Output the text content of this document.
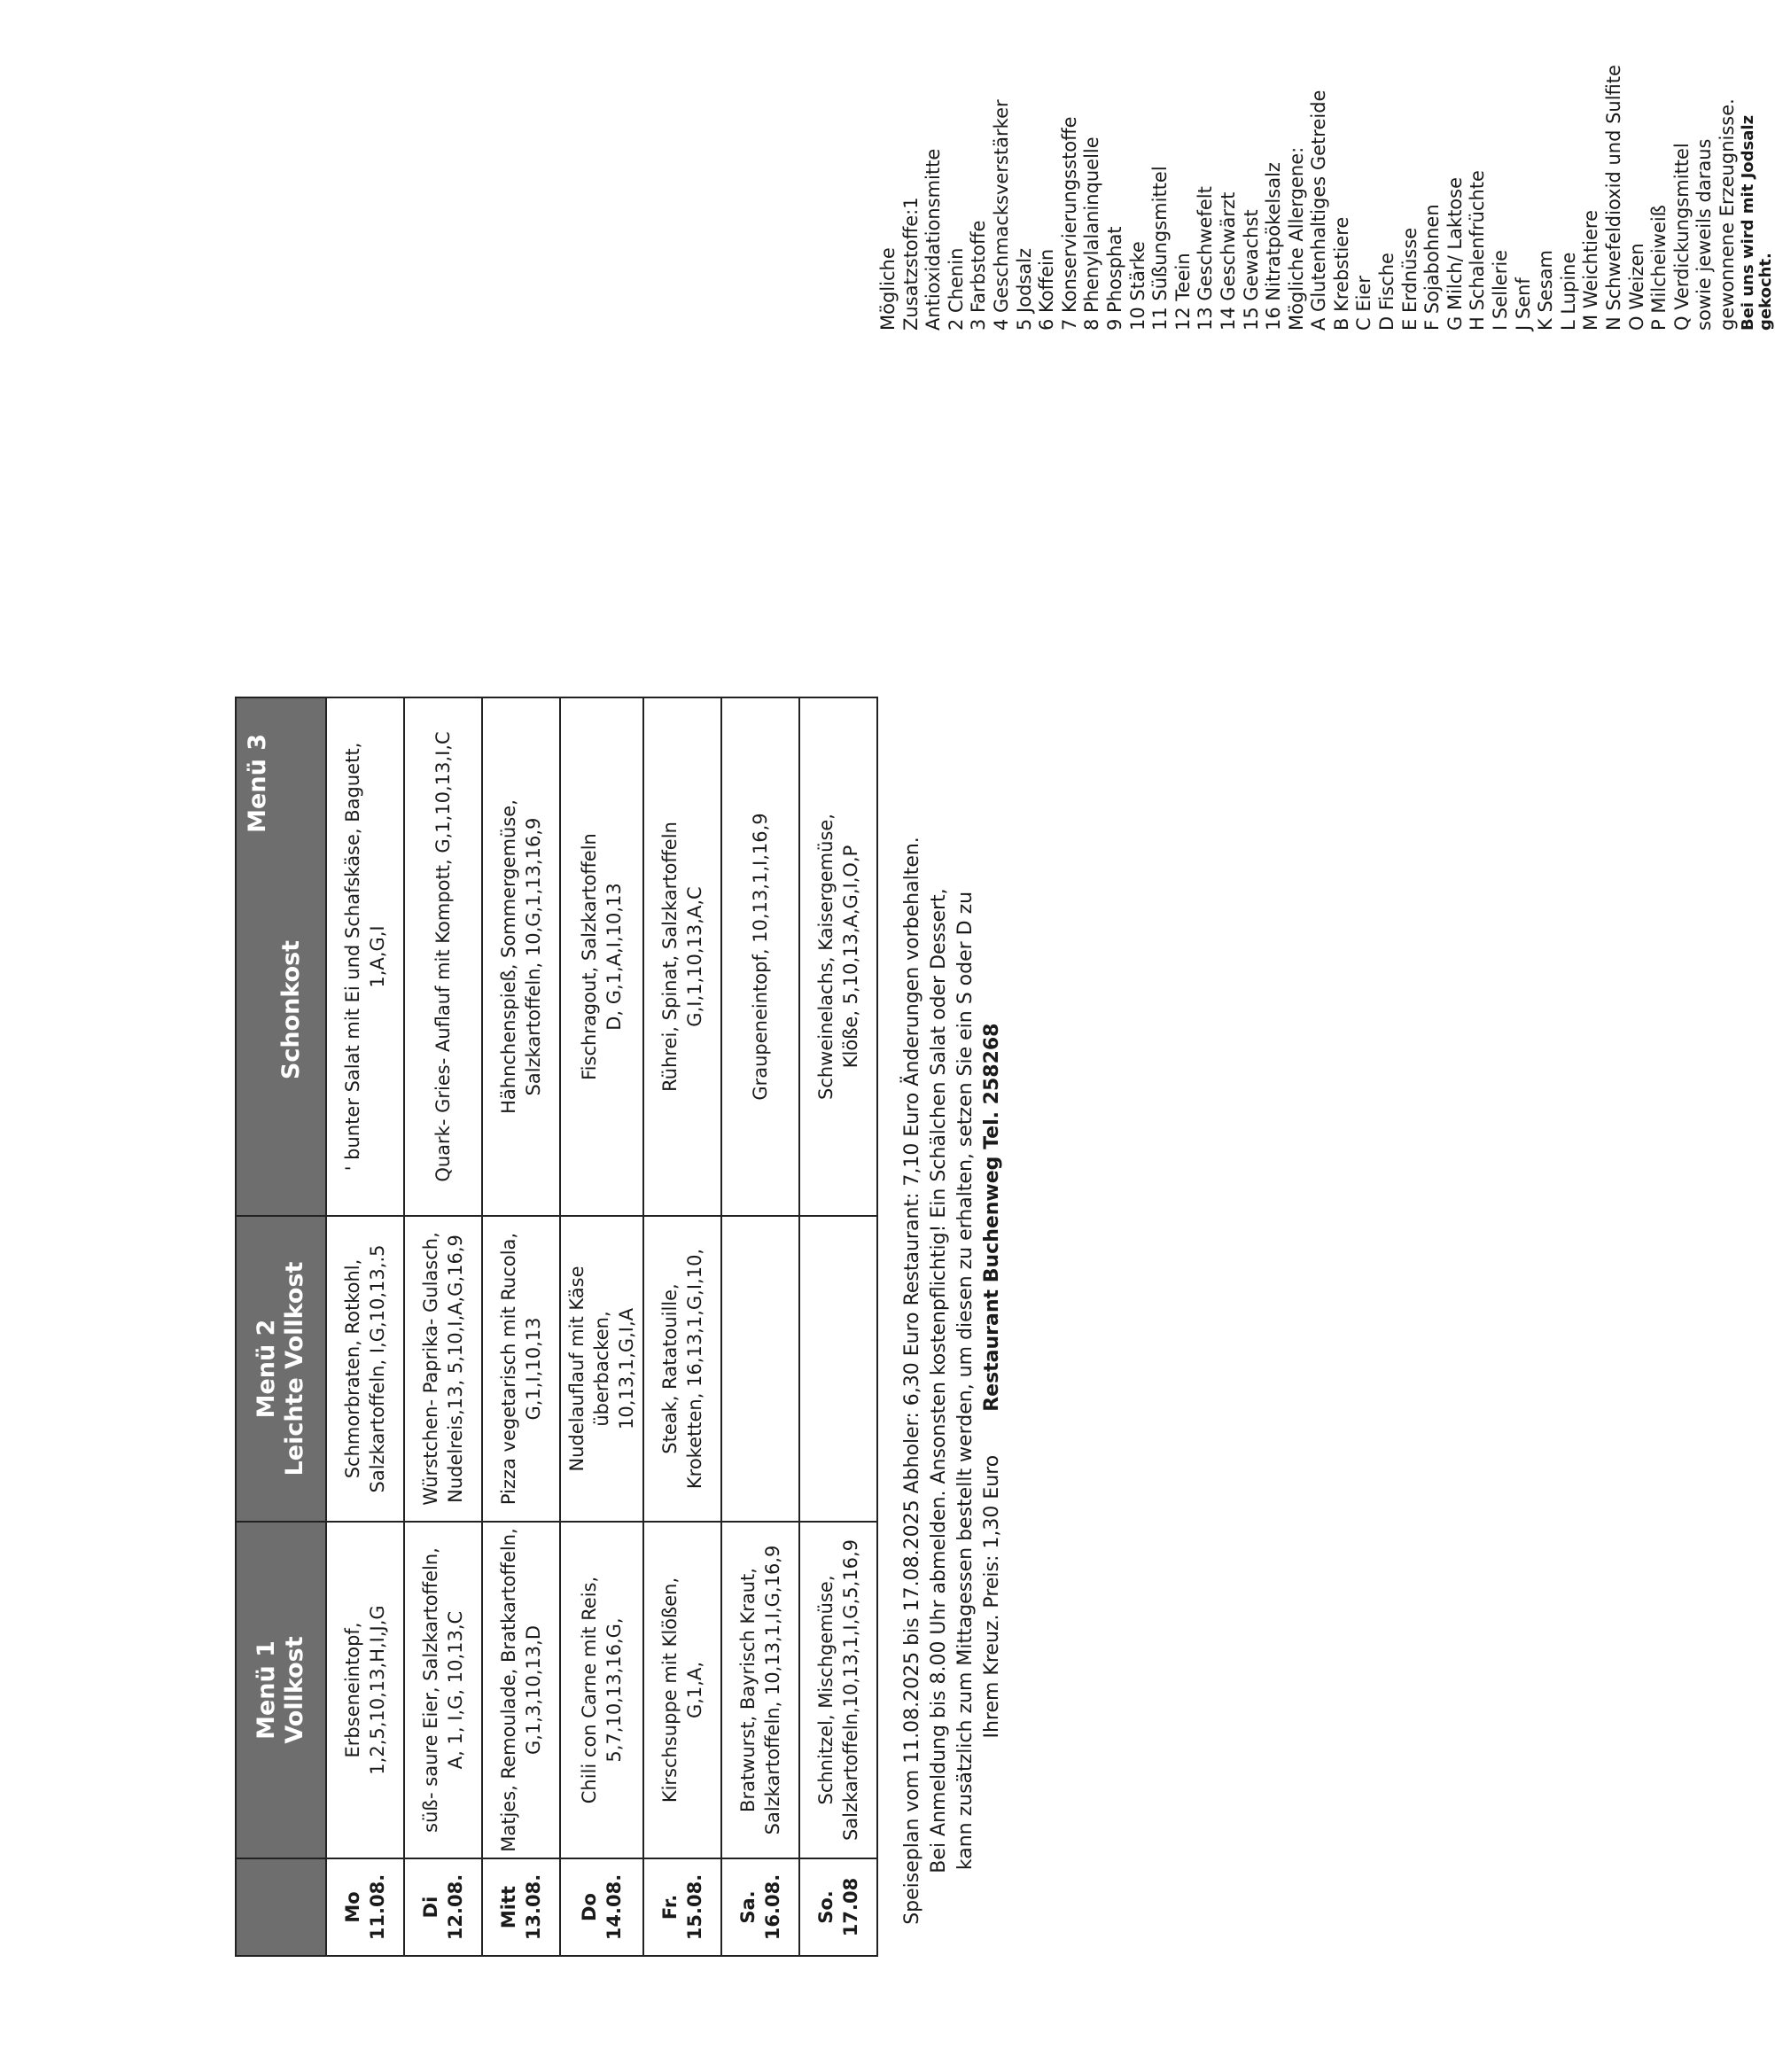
	Menü 1 Vollkost	Menü 2 Leichte Vollkost	Menü 3
Schonkost

Mo 11.08.	Erbseneintopf, 1,2,5,10,13,H,I,J,G	Schmorbraten, Rotkohl, Salzkartoffeln, I,G,10,13,.5	' bunter Salat mit Ei und Schafskäse, Baguett, 1,A,G,I

Di 12.08.	süß- saure Eier, Salzkartoffeln, A, 1, I,G, 10,13,C	Würstchen- Paprika- Gulasch, Nudelreis,13, 5,10,I,A,G,16,9	Quark- Gries- Auflauf mit Kompott, G,1,10,13,I,C

Mitt 13.08.	Matjes, Remoulade, Bratkartoffeln, G,1,3,10,13,D	Pizza vegetarisch mit Rucola, G,1,I,10,13	Hähnchenspieß, Sommergemüse, Salzkartoffeln, 10,G,1,13,16,9

Do 14.08.	Chili con Carne mit Reis, 5,7,10,13,16,G,	Nudelauflauf mit Käse überbacken, 10,13,1,G,I,A	Fischragout, Salzkartoffeln D, G,1,A,I,10,13

Fr. 15.08.	Kirschsuppe mit Klößen, G,1,A,	Steak, Ratatouille, Kroketten, 16,13,1,G,I,10,	Rührei, Spinat, Salzkartoffeln G,I,1,10,13,A,C

Sa. 16.08.	Bratwurst, Bayrisch Kraut, Salzkartoffeln, 10,13,1,I,G,16,9		Graupeneintopf, 10,13,1,I,16,9

So. 17.08	Schnitzel, Mischgemüse, Salzkartoffeln,10,13,1,I,G,5,16,9		Schweinelachs, Kaisergemüse, Klöße, 5,10,13,A,G,I,O,P Speiseplan vom 11.08.2025 bis 17.08.2025 Abholer: 6,30 Euro Restaurant: 7,10 Euro Änderungen vorbehalten. Bei Anmeldung bis 8.00 Uhr abmelden. Ansonsten kostenpflichtig! Ein Schälchen Salat oder Dessert, kann zusätzlich zum Mittagessen bestellt werden, um diesen zu erhalten, setzen Sie ein S oder D zu Ihrem Kreuz. Preis: 1,30 Euro       Restaurant Buchenweg Tel. 258268
Mögliche Zusatzstoffe:1 Antioxidationsmitte 2 Chenin 3 Farbstoffe 4 Geschmacksverstärker 5 Jodsalz 6 Koffein 7 Konservierungsstoffe 8 Phenylalaninquelle 9 Phosphat 10 Stärke 11 Süßungsmittel 12 Teein 13 Geschwefelt 14 Geschwärzt 15 Gewachst 16 Nitratpökelsalz Mögliche Allergene: A Glutenhaltiges Getreide B Krebstiere C Eier D Fische E Erdnüsse F Sojabohnen G Milch/ Laktose H Schalenfrüchte I Sellerie J Senf K Sesam L Lupine M Weichtiere N Schwefeldioxid und Sulfite O Weizen P Milcheiweiß Q Verdickungsmittel sowie jeweils daraus gewonnene Erzeugnisse. Bei uns wird mit Jodsalz gekocht.
